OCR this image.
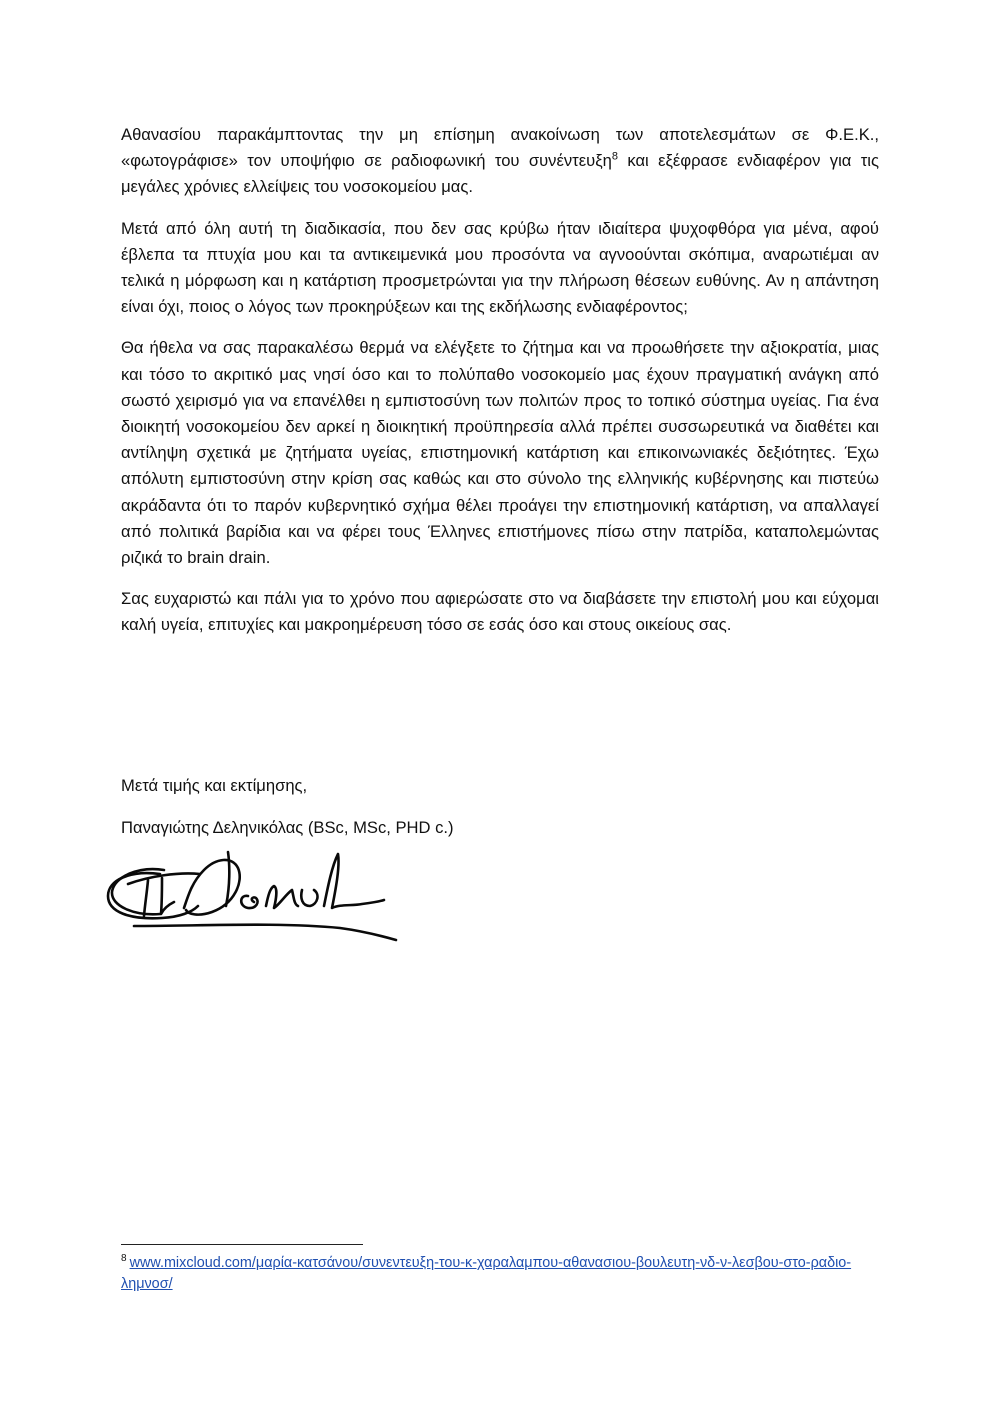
Αθανασίου παρακάμπτοντας την μη επίσημη ανακοίνωση των αποτελεσμάτων σε Φ.Ε.Κ., «φωτογράφισε» τον υποψήφιο σε ραδιοφωνική του συνέντευξη$^8$ και εξέφρασε ενδιαφέρον για τις μεγάλες χρόνιες ελλείψεις του νοσοκομείου μας.

Μετά από όλη αυτή τη διαδικασία, που δεν σας κρύβω ήταν ιδιαίτερα ψυχοφθόρα για μένα, αφού έβλεπα τα πτυχία μου και τα αντικειμενικά μου προσόντα να αγνοούνται σκόπιμα, αναρωτιέμαι αν τελικά η μόρφωση και η κατάρτιση προσμετρώνται για την πλήρωση θέσεων ευθύνης. Αν η απάντηση είναι όχι, ποιος ο λόγος των προκηρύξεων και της εκδήλωσης ενδιαφέροντος;

Θα ήθελα να σας παρακαλέσω θερμά να ελέγξετε το ζήτημα και να προωθήσετε την αξιοκρατία, μιας και τόσο το ακριτικό μας νησί όσο και το πολύπαθο νοσοκομείο μας έχουν πραγματική ανάγκη από σωστό χειρισμό για να επανέλθει η εμπιστοσύνη των πολιτών προς το τοπικό σύστημα υγείας. Για ένα διοικητή νοσοκομείου δεν αρκεί η διοικητική προϋπηρεσία αλλά πρέπει συσσωρευτικά να διαθέτει και αντίληψη σχετικά με ζητήματα υγείας, επιστημονική κατάρτιση και επικοινωνιακές δεξιότητες. Έχω απόλυτη εμπιστοσύνη στην κρίση σας καθώς και στο σύνολο της ελληνικής κυβέρνησης και πιστεύω ακράδαντα ότι το παρόν κυβερνητικό σχήμα θέλει προάγει την επιστημονική κατάρτιση, να απαλλαγεί από πολιτικά βαρίδια και να φέρει τους Έλληνες επιστήμονες πίσω στην πατρίδα, καταπολεμώντας ριζικά το brain drain.

Σας ευχαριστώ και πάλι για το χρόνο που αφιερώσατε στο να διαβάσετε την επιστολή μου και εύχομαι καλή υγεία, επιτυχίες και μακροημέρευση τόσο σε εσάς όσο και στους οικείους σας.

Μετά τιμής και εκτίμησης,
Παναγιώτης Δεληνικόλας (BSc, MSc, PHD c.)
$^8$ www.mixcloud.com/μαρία-κατσάνου/συνεντευξη-του-κ-χαραλαμπου-αθανασιου-βουλευτη-νδ-ν-λεσβου-στο-ραδιο-λημνοσ/
